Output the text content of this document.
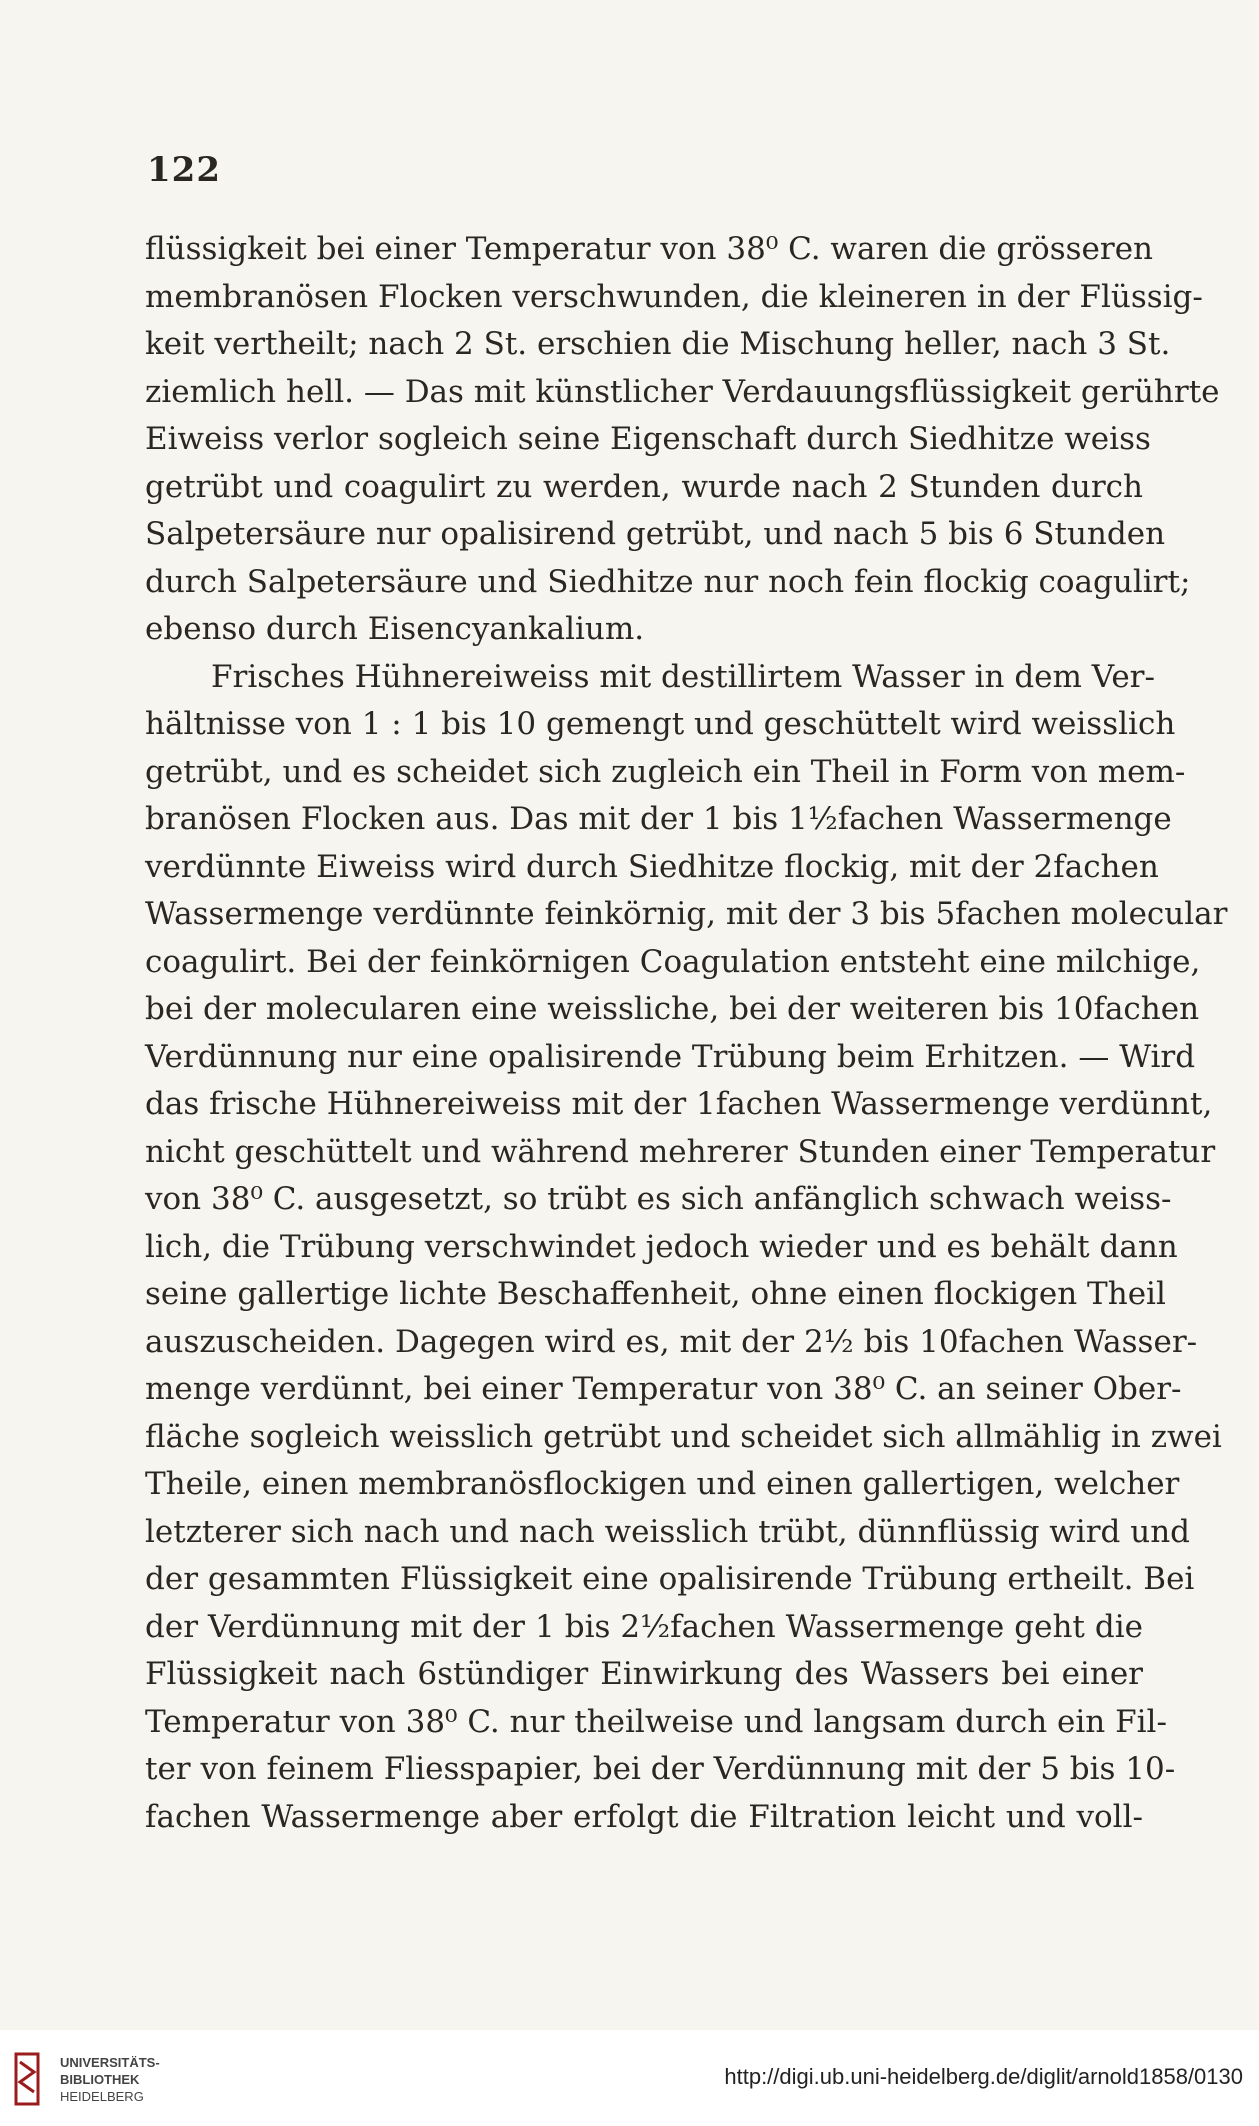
122
flüssigkeit bei einer Temperatur von 38⁰ C. waren die grösseren
membranösen Flocken verschwunden, die kleineren in der Flüssig-
keit vertheilt; nach 2 St. erschien die Mischung heller, nach 3 St.
ziemlich hell. — Das mit künstlicher Verdauungsflüssigkeit gerührte
Eiweiss verlor sogleich seine Eigenschaft durch Siedhitze weiss
getrübt und coagulirt zu werden, wurde nach 2 Stunden durch
Salpetersäure nur opalisirend getrübt, und nach 5 bis 6 Stunden
durch Salpetersäure und Siedhitze nur noch fein flockig coagulirt;
ebenso durch Eisencyankalium.
Frisches Hühnereiweiss mit destillirtem Wasser in dem Ver-
hältnisse von 1 : 1 bis 10 gemengt und geschüttelt wird weisslich
getrübt, und es scheidet sich zugleich ein Theil in Form von mem-
branösen Flocken aus. Das mit der 1 bis 1½fachen Wassermenge
verdünnte Eiweiss wird durch Siedhitze flockig, mit der 2fachen
Wassermenge verdünnte feinkörnig, mit der 3 bis 5fachen molecular
coagulirt. Bei der feinkörnigen Coagulation entsteht eine milchige,
bei der molecularen eine weissliche, bei der weiteren bis 10fachen
Verdünnung nur eine opalisirende Trübung beim Erhitzen. — Wird
das frische Hühnereiweiss mit der 1fachen Wassermenge verdünnt,
nicht geschüttelt und während mehrerer Stunden einer Temperatur
von 38⁰ C. ausgesetzt, so trübt es sich anfänglich schwach weiss-
lich, die Trübung verschwindet jedoch wieder und es behält dann
seine gallertige lichte Beschaffenheit, ohne einen flockigen Theil
auszuscheiden. Dagegen wird es, mit der 2½ bis 10fachen Wasser-
menge verdünnt, bei einer Temperatur von 38⁰ C. an seiner Ober-
fläche sogleich weisslich getrübt und scheidet sich allmählig in zwei
Theile, einen membranösflockigen und einen gallertigen, welcher
letzterer sich nach und nach weisslich trübt, dünnflüssig wird und
der gesammten Flüssigkeit eine opalisirende Trübung ertheilt. Bei
der Verdünnung mit der 1 bis 2½fachen Wassermenge geht die
Flüssigkeit nach 6stündiger Einwirkung des Wassers bei einer
Temperatur von 38⁰ C. nur theilweise und langsam durch ein Fil-
ter von feinem Fliesspapier, bei der Verdünnung mit der 5 bis 10-
fachen Wassermenge aber erfolgt die Filtration leicht und voll-
UNIVERSITÄTS-
BIBLIOTHEK
HEIDELBERG
http://digi.ub.uni-heidelberg.de/diglit/arnold1858/0130
